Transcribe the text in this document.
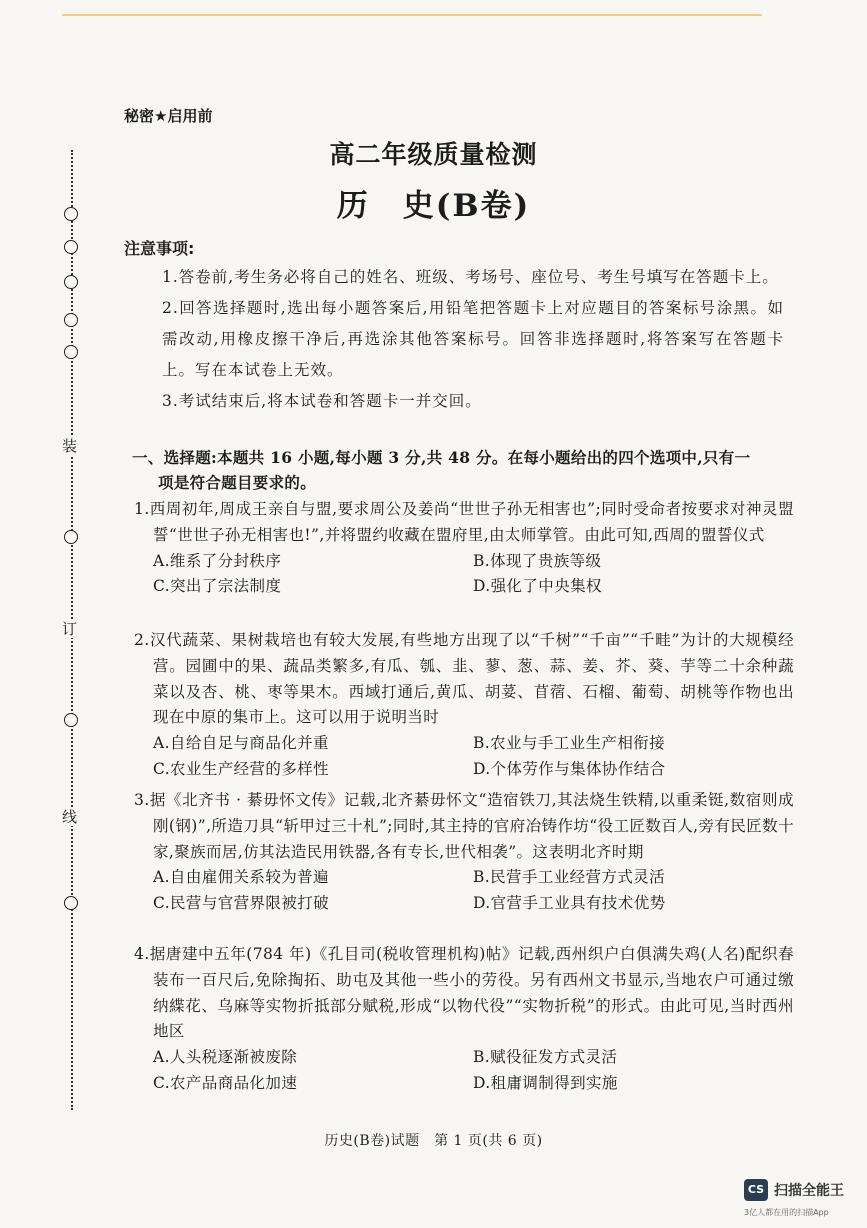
装
订
线
秘密★启用前
高二年级质量检测
历　史(B卷)
注意事项:
1.答卷前,考生务必将自己的姓名、班级、考场号、座位号、考生号填写在答题卡上。
2.回答选择题时,选出每小题答案后,用铅笔把答题卡上对应题目的答案标号涂黑。如需改动,用橡皮擦干净后,再选涂其他答案标号。回答非选择题时,将答案写在答题卡上。写在本试卷上无效。
3.考试结束后,将本试卷和答题卡一并交回。
一、选择题:本题共 16 小题,每小题 3 分,共 48 分。在每小题给出的四个选项中,只有一
项是符合题目要求的。
1.西周初年,周成王亲自与盟,要求周公及姜尚“世世子孙无相害也”;同时受命者按要求对神灵盟誓“世世子孙无相害也!”,并将盟约收藏在盟府里,由太师掌管。由此可知,西周的盟誓仪式
A.维系了分封秩序	B.体现了贵族等级
C.突出了宗法制度	D.强化了中央集权
2.汉代蔬菜、果树栽培也有较大发展,有些地方出现了以“千树”“千亩”“千畦”为计的大规模经营。园圃中的果、蔬品类繁多,有瓜、瓠、韭、蓼、葱、蒜、姜、芥、葵、芋等二十余种蔬菜以及杏、桃、枣等果木。西域打通后,黄瓜、胡荽、苜蓿、石榴、葡萄、胡桃等作物也出现在中原的集市上。这可以用于说明当时
A.自给自足与商品化并重	B.农业与手工业生产相衔接
C.农业生产经营的多样性	D.个体劳作与集体协作结合
3.据《北齐书 · 綦毋怀文传》记载,北齐綦毋怀文“造宿铁刀,其法烧生铁精,以重柔铤,数宿则成刚(钢)”,所造刀具“斩甲过三十札”;同时,其主持的官府冶铸作坊“役工匠数百人,旁有民匠数十家,聚族而居,仿其法造民用铁器,各有专长,世代相袭”。这表明北齐时期
A.自由雇佣关系较为普遍	B.民营手工业经营方式灵活
C.民营与官营界限被打破	D.官营手工业具有技术优势
4.据唐建中五年(784 年)《孔目司(税收管理机构)帖》记载,西州织户白俱满失鸡(人名)配织春装布一百尺后,免除掏拓、助屯及其他一些小的劳役。另有西州文书显示,当地农户可通过缴纳緤花、乌麻等实物折抵部分赋税,形成“以物代役”“实物折税”的形式。由此可见,当时西州地区
A.人头税逐渐被废除	B.赋役征发方式灵活
C.农产品商品化加速	D.租庸调制得到实施
历史(B卷)试题　第 1 页(共 6 页)
CS 扫描全能王
3亿人都在用的扫描App
